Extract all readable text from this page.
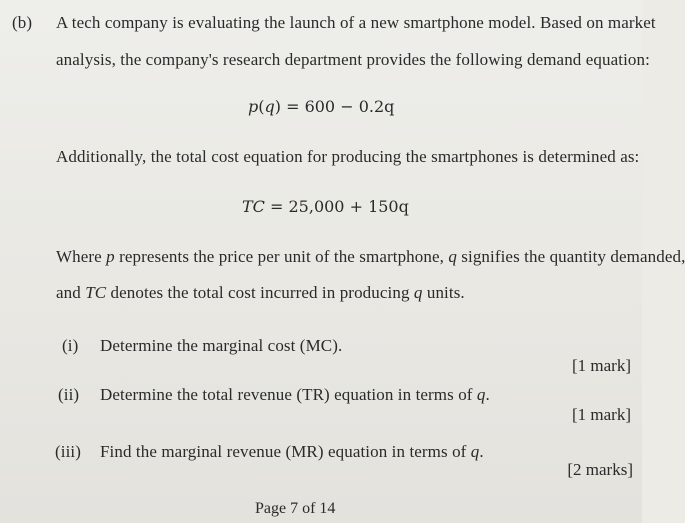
(b) A tech company is evaluating the launch of a new smartphone model. Based on market
analysis, the company's research department provides the following demand equation:
p(q) = 600 − 0.2q
Additionally, the total cost equation for producing the smartphones is determined as:
TC = 25,000 + 150q
Where p represents the price per unit of the smartphone, q signifies the quantity demanded,
and TC denotes the total cost incurred in producing q units.
(i) Determine the marginal cost (MC).
[1 mark]
(ii) Determine the total revenue (TR) equation in terms of q.
[1 mark]
(iii) Find the marginal revenue (MR) equation in terms of q.
[2 marks]
Page 7 of 14
